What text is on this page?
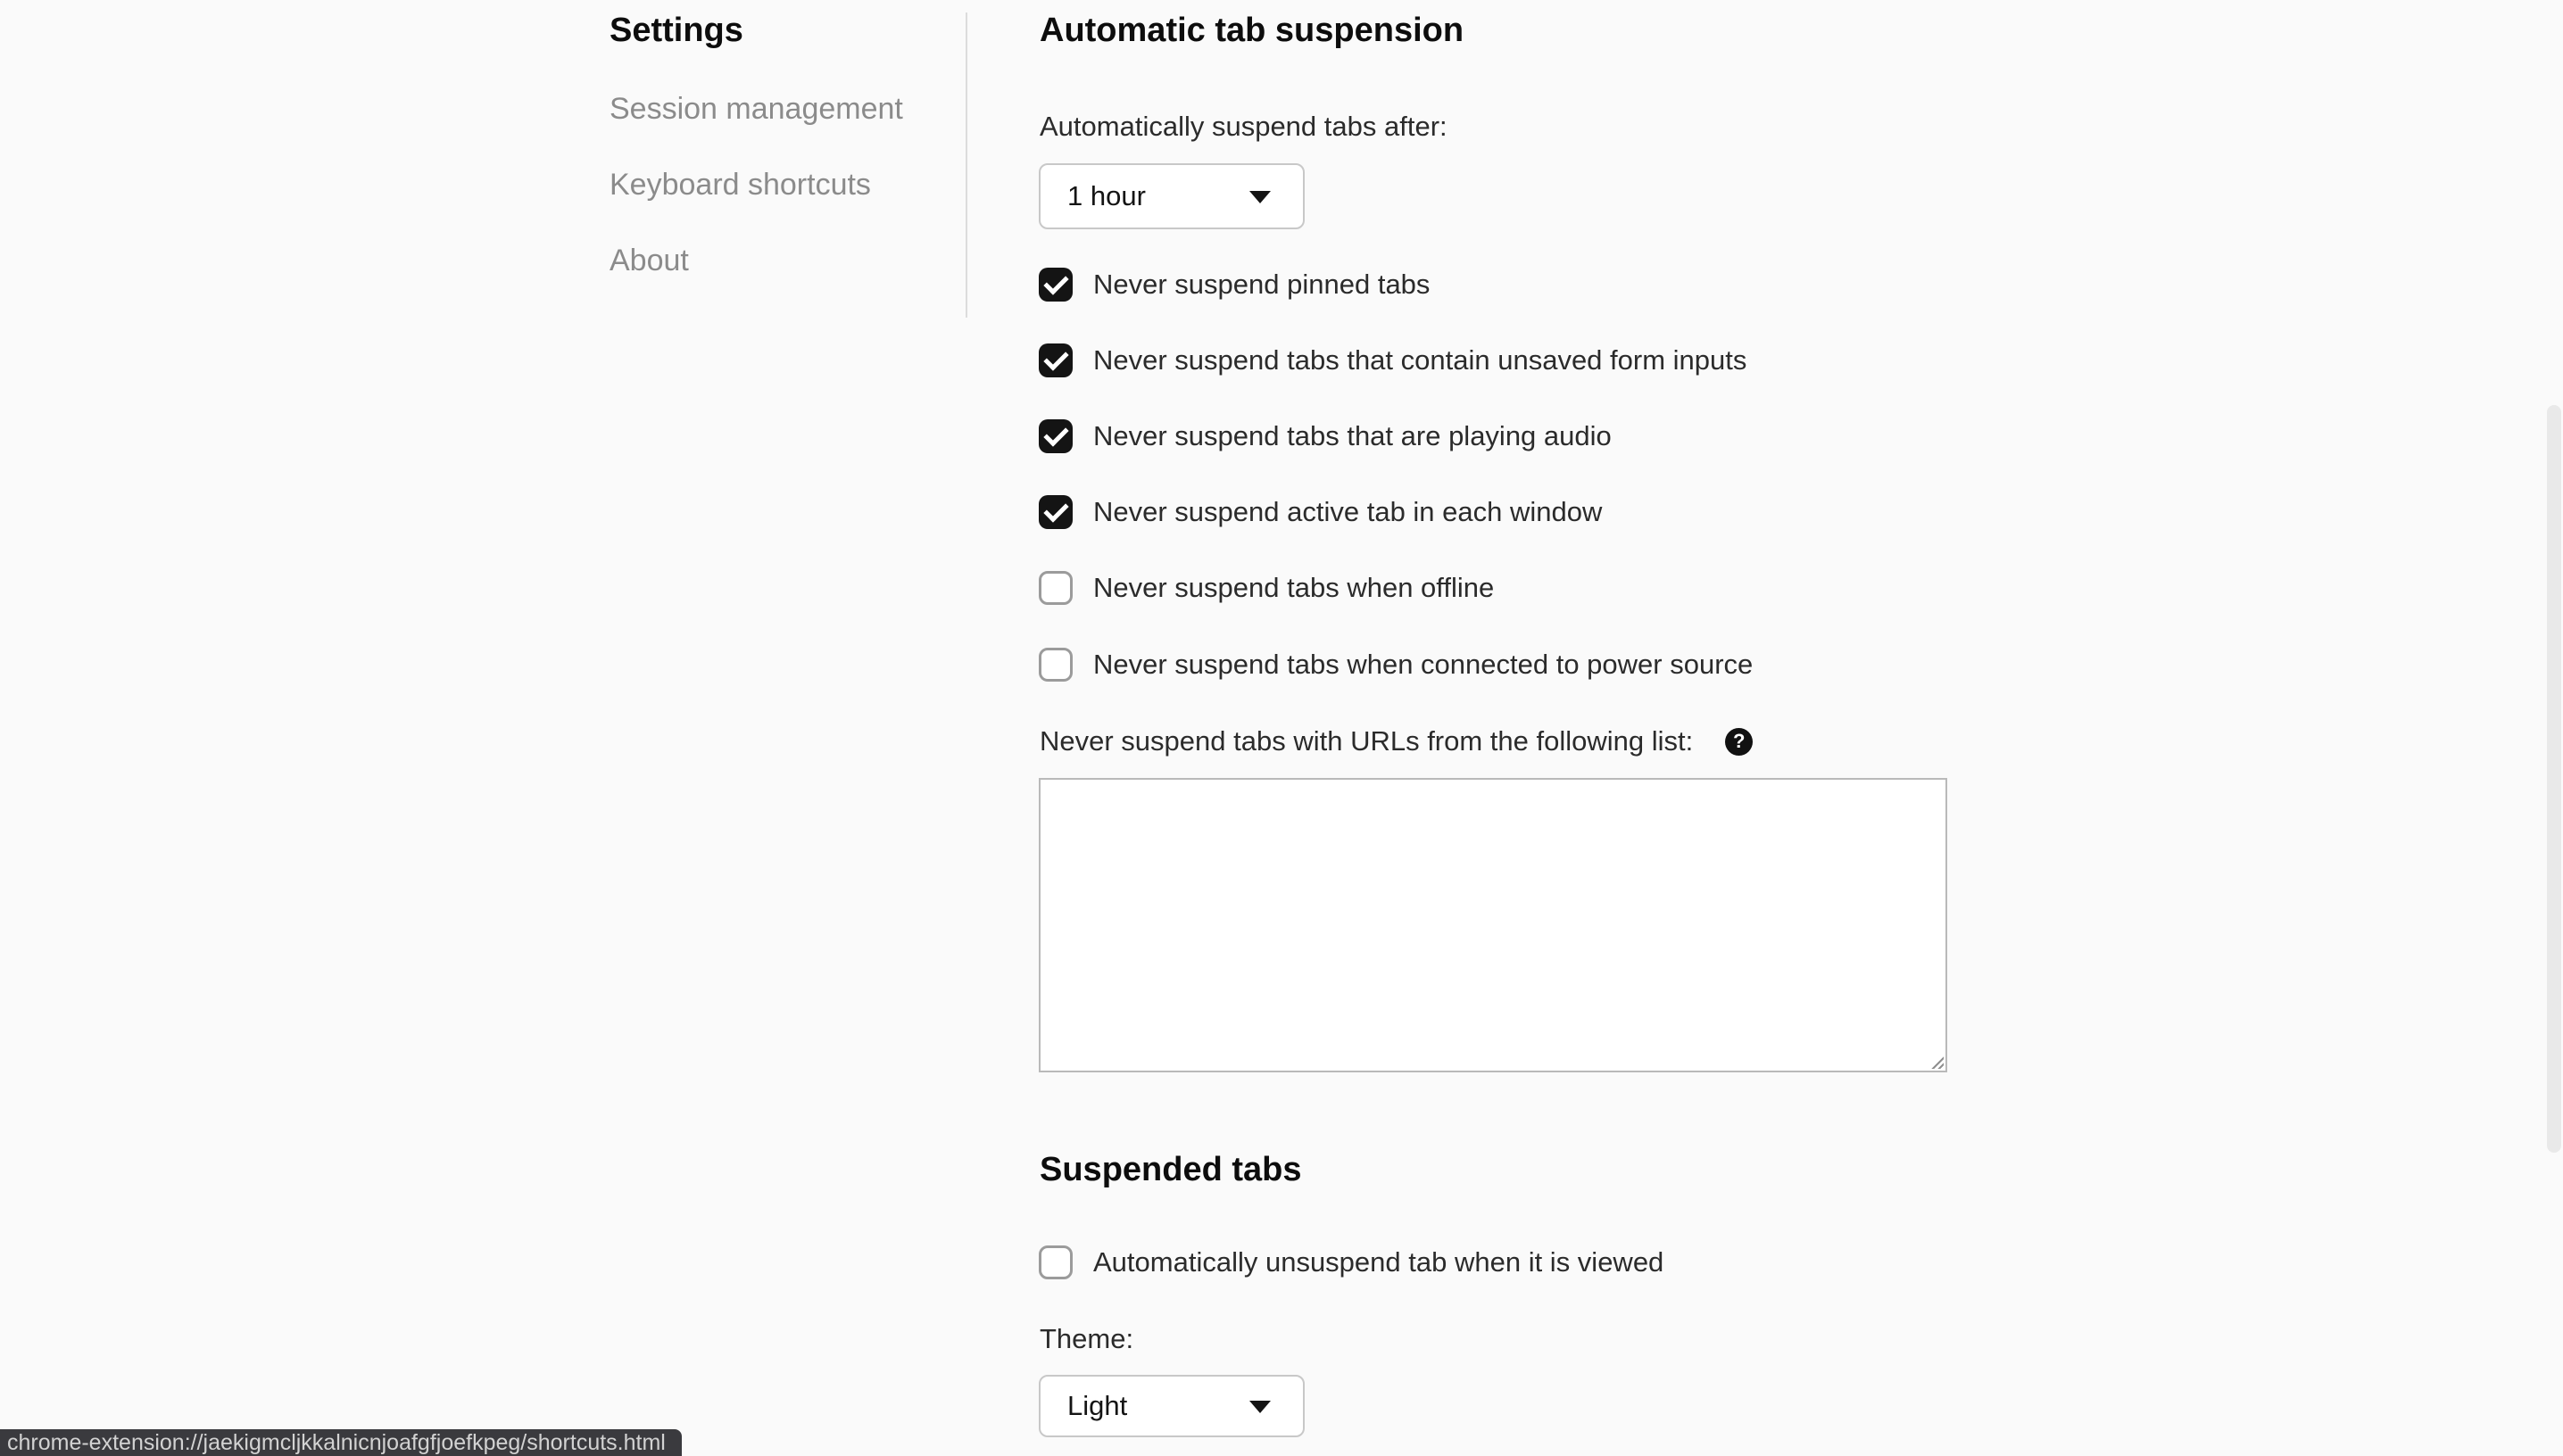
Settings
Session management
Keyboard shortcuts
About
Automatic tab suspension
Automatically suspend tabs after:
1 hour
Never suspend pinned tabs
Never suspend tabs that contain unsaved form inputs
Never suspend tabs that are playing audio
Never suspend active tab in each window
Never suspend tabs when offline
Never suspend tabs when connected to power source
Never suspend tabs with URLs from the following list:	?
Suspended tabs
Automatically unsuspend tab when it is viewed
Theme:
Light
chrome-extension://jaekigmcljkkalnicnjoafgfjoefkpeg/shortcuts.html
